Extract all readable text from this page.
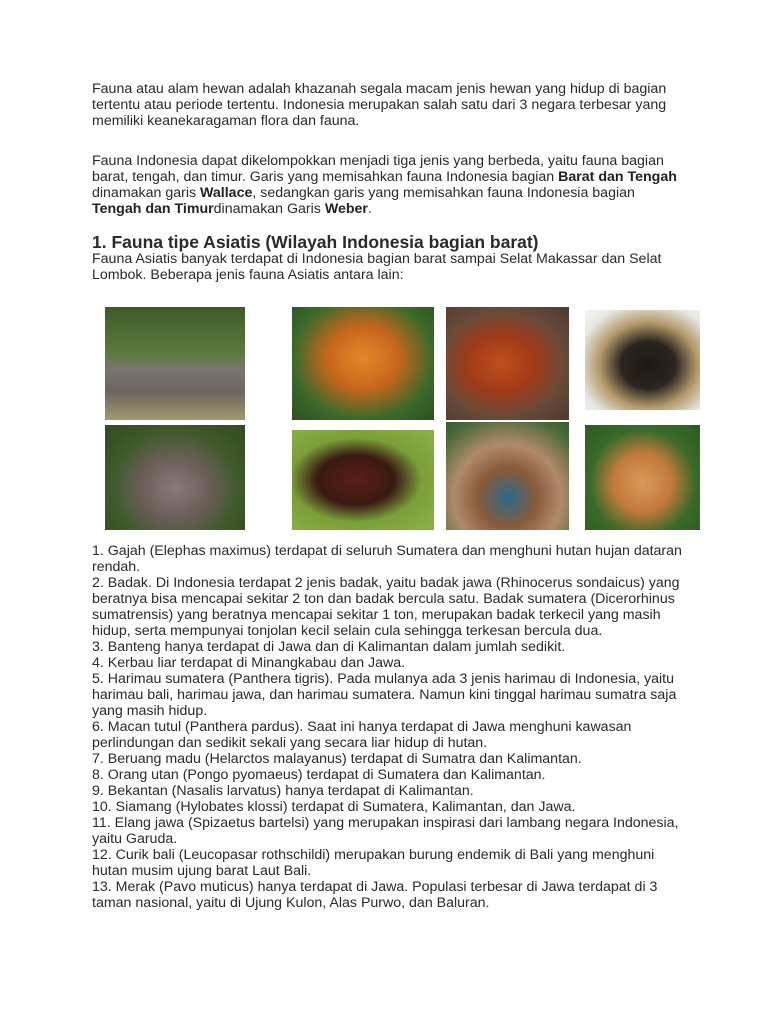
Fauna atau alam hewan adalah khazanah segala macam jenis hewan yang hidup di bagian tertentu atau periode tertentu. Indonesia merupakan salah satu dari 3 negara terbesar yang memiliki keanekaragaman flora dan fauna.

Fauna Indonesia dapat dikelompokkan menjadi tiga jenis yang berbeda, yaitu fauna bagian barat, tengah, dan timur. Garis yang memisahkan fauna Indonesia bagian Barat dan Tengah dinamakan garis Wallace, sedangkan garis yang memisahkan fauna Indonesia bagian Tengah dan Timurdinamakan Garis Weber.

1. Fauna tipe Asiatis (Wilayah Indonesia bagian barat)

Fauna Asiatis banyak terdapat di Indonesia bagian barat sampai Selat Makassar dan Selat Lombok. Beberapa jenis fauna Asiatis antara lain:

1. Gajah (Elephas maximus) terdapat di seluruh Sumatera dan menghuni hutan hujan dataran rendah.
2. Badak. Di Indonesia terdapat 2 jenis badak, yaitu badak jawa (Rhinocerus sondaicus) yang beratnya bisa mencapai sekitar 2 ton dan badak bercula satu. Badak sumatera (Dicerorhinus sumatrensis) yang beratnya mencapai sekitar 1 ton, merupakan badak terkecil yang masih hidup, serta mempunyai tonjolan kecil selain cula sehingga terkesan bercula dua.
3. Banteng hanya terdapat di Jawa dan di Kalimantan dalam jumlah sedikit.
4. Kerbau liar terdapat di Minangkabau dan Jawa.
5. Harimau sumatera (Panthera tigris). Pada mulanya ada 3 jenis harimau di Indonesia, yaitu harimau bali, harimau jawa, dan harimau sumatera. Namun kini tinggal harimau sumatra saja yang masih hidup.
6. Macan tutul (Panthera pardus). Saat ini hanya terdapat di Jawa menghuni kawasan perlindungan dan sedikit sekali yang secara liar hidup di hutan.
7. Beruang madu (Helarctos malayanus) terdapat di Sumatra dan Kalimantan.
8. Orang utan (Pongo pyomaeus) terdapat di Sumatera dan Kalimantan.
9. Bekantan (Nasalis larvatus) hanya terdapat di Kalimantan.
10. Siamang (Hylobates klossi) terdapat di Sumatera, Kalimantan, dan Jawa.
11. Elang jawa (Spizaetus bartelsi) yang merupakan inspirasi dari lambang negara Indonesia, yaitu Garuda.
12. Curik bali (Leucopasar rothschildi) merupakan burung endemik di Bali yang menghuni hutan musim ujung barat Laut Bali.
13. Merak (Pavo muticus) hanya terdapat di Jawa. Populasi terbesar di Jawa terdapat di 3 taman nasional, yaitu di Ujung Kulon, Alas Purwo, dan Baluran.
